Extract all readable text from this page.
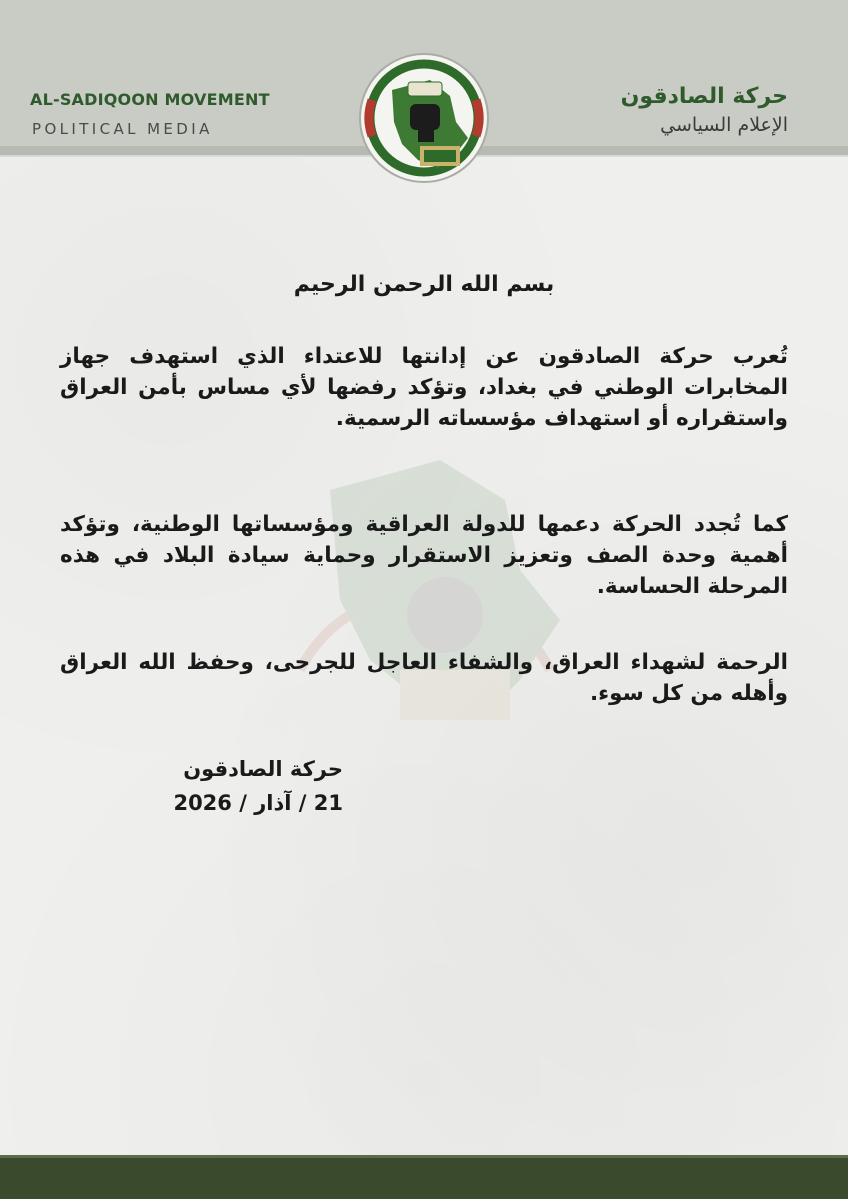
AL-SADIQOON MOVEMENT
POLITICAL MEDIA
حركة الصادقون
الإعلام السياسي
بسم الله الرحمن الرحيم
تُعرب حركة الصادقون عن إدانتها للاعتداء الذي استهدف جهاز المخابرات الوطني في بغداد، وتؤكد رفضها لأي مساس بأمن العراق واستقراره أو استهداف مؤسساته الرسمية.
كما تُجدد الحركة دعمها للدولة العراقية ومؤسساتها الوطنية، وتؤكد أهمية وحدة الصف وتعزيز الاستقرار وحماية سيادة البلاد في هذه المرحلة الحساسة.
الرحمة لشهداء العراق، والشفاء العاجل للجرحى، وحفظ الله العراق وأهله من كل سوء.
حركة الصادقون
21 / آذار / 2026
